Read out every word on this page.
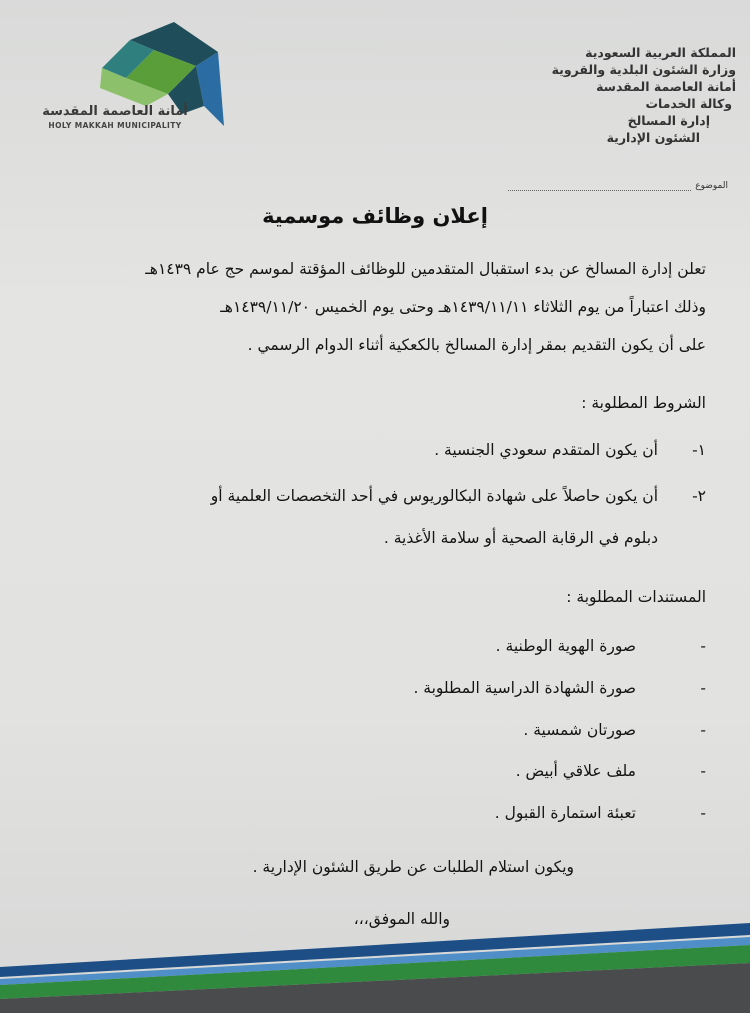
أمانة العاصمة المقدسة
HOLY MAKKAH MUNICIPALITY
المملكة العربية السعودية
وزارة الشئون البلدية والقروية
أمانة العاصمة المقدسة
وكالة الخدمات
إدارة المسالخ
الشئون الإدارية
الموضوع
إعلان وظائف موسمية
تعلن إدارة المسالخ عن بدء استقبال المتقدمين للوظائف المؤقتة لموسم حج عام ١٤٣٩هـ
وذلك اعتباراً من يوم الثلاثاء ١٤٣٩/١١/١١هـ وحتى يوم الخميس ١٤٣٩/١١/٢٠هـ
على أن يكون التقديم بمقر إدارة المسالخ بالكعكية أثناء الدوام الرسمي .
الشروط المطلوبة :
١-أن يكون المتقدم سعودي الجنسية .
٢-أن يكون حاصلاً على شهادة البكالوريوس في أحد التخصصات العلمية أو
دبلوم في الرقابة الصحية أو سلامة الأغذية .
المستندات المطلوبة :
-صورة الهوية الوطنية .
-صورة الشهادة الدراسية المطلوبة .
-صورتان شمسية .
-ملف علاقي أبيض .
-تعبئة استمارة القبول .
ويكون استلام الطلبات عن طريق الشئون الإدارية .
والله الموفق،،،
